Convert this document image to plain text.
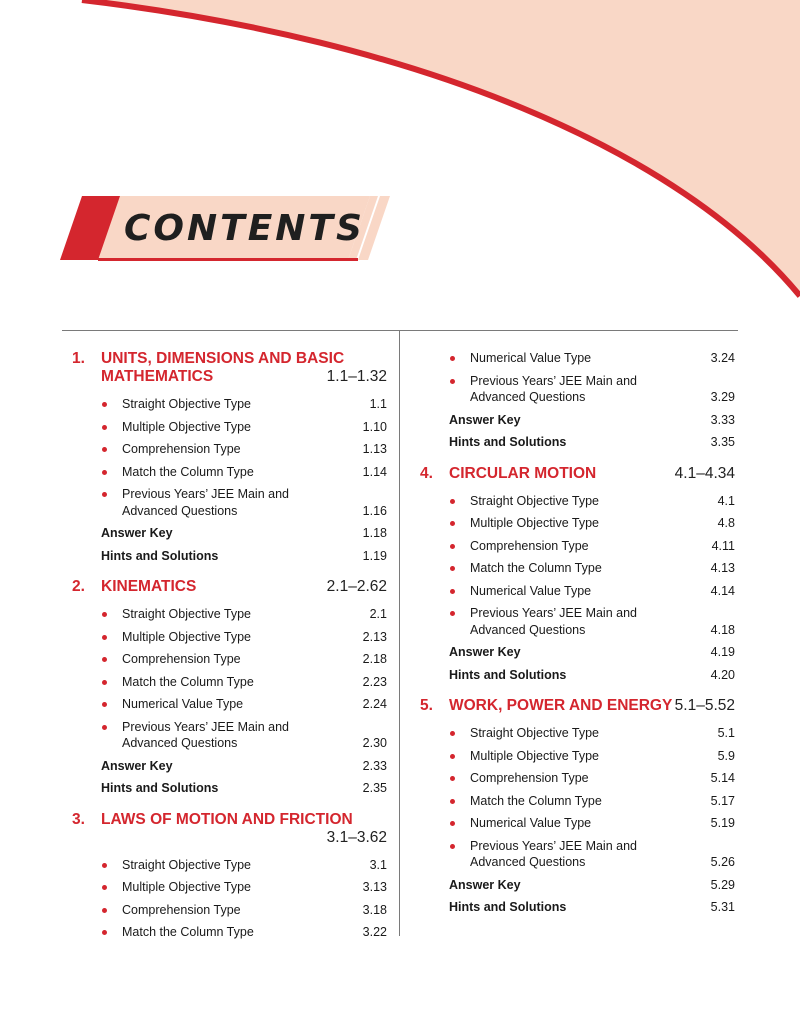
CONTENTS
1. UNITS, DIMENSIONS AND BASIC
MATHEMATICS	1.1–1.32
Straight Objective Type	1.1
Multiple Objective Type	1.10
Comprehension Type	1.13
Match the Column Type	1.14
Previous Years’ JEE Main and Advanced Questions	1.16
Answer Key	1.18
Hints and Solutions	1.19
2. KINEMATICS	2.1–2.62
Straight Objective Type	2.1
Multiple Objective Type	2.13
Comprehension Type	2.18
Match the Column Type	2.23
Numerical Value Type	2.24
Previous Years’ JEE Main and Advanced Questions	2.30
Answer Key	2.33
Hints and Solutions	2.35
3. LAWS OF MOTION AND FRICTION
3.1–3.62
Straight Objective Type	3.1
Multiple Objective Type	3.13
Comprehension Type	3.18
Match the Column Type	3.22
Numerical Value Type	3.24
Previous Years’ JEE Main and Advanced Questions	3.29
Answer Key	3.33
Hints and Solutions	3.35
4. CIRCULAR MOTION	4.1–4.34
Straight Objective Type	4.1
Multiple Objective Type	4.8
Comprehension Type	4.11
Match the Column Type	4.13
Numerical Value Type	4.14
Previous Years’ JEE Main and Advanced Questions	4.18
Answer Key	4.19
Hints and Solutions	4.20
5. WORK, POWER AND ENERGY 5.1–5.52
Straight Objective Type	5.1
Multiple Objective Type	5.9
Comprehension Type	5.14
Match the Column Type	5.17
Numerical Value Type	5.19
Previous Years’ JEE Main and Advanced Questions	5.26
Answer Key	5.29
Hints and Solutions	5.31
